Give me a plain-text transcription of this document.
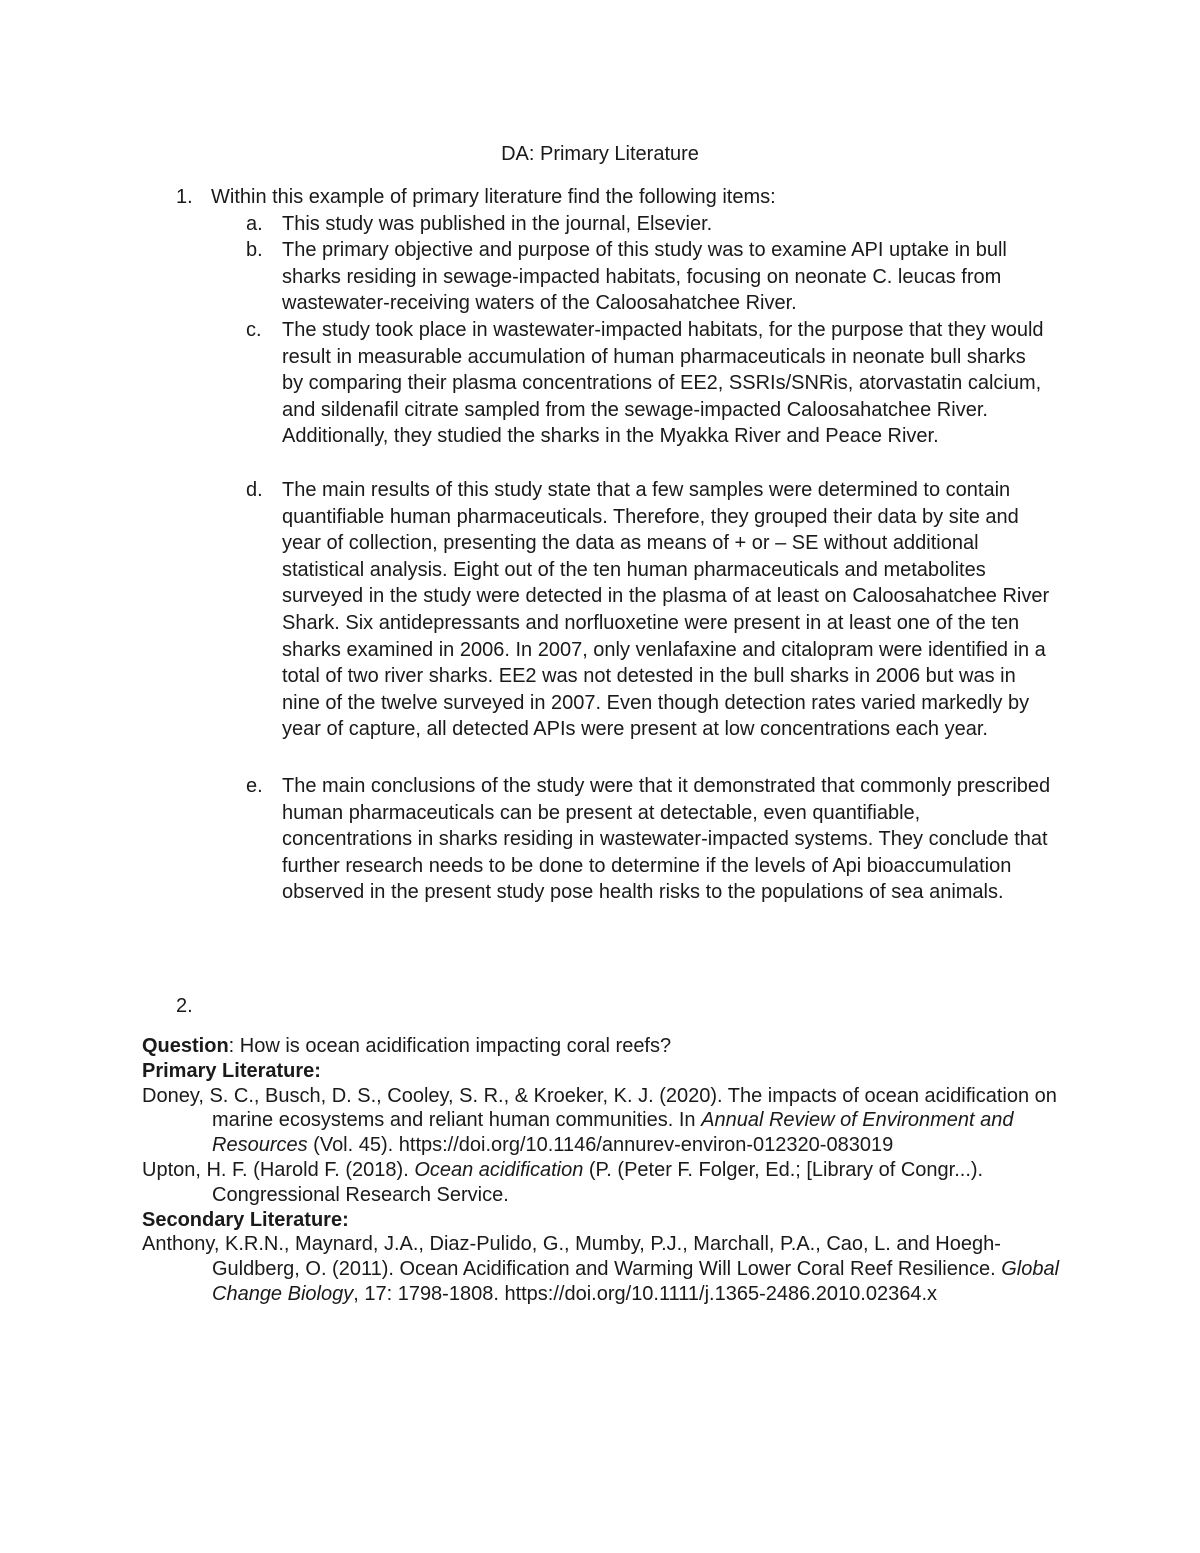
DA: Primary Literature
1. Within this example of primary literature find the following items:
a. This study was published in the journal, Elsevier.
b. The primary objective and purpose of this study was to examine API uptake in bull sharks residing in sewage-impacted habitats, focusing on neonate C. leucas from wastewater-receiving waters of the Caloosahatchee River.
c.	The study took place in wastewater-impacted habitats, for the purpose that they would result in measurable accumulation of human pharmaceuticals in neonate bull sharks by comparing their plasma concentrations of EE2, SSRIs/SNRis, atorvastatin calcium, and sildenafil citrate sampled from the sewage-impacted Caloosahatchee River. Additionally, they studied the sharks in the Myakka River and Peace River.
d. The main results of this study state that a few samples were determined to contain quantifiable human pharmaceuticals. Therefore, they grouped their data by site and year of collection, presenting the data as means of + or – SE without additional statistical analysis. Eight out of the ten human pharmaceuticals and metabolites surveyed in the study were detected in the plasma of at least on Caloosahatchee River Shark. Six antidepressants and norfluoxetine were present in at least one of the ten sharks examined in 2006. In 2007, only venlafaxine and citalopram were identified in a total of two river sharks. EE2 was not detested in the bull sharks in 2006 but was in nine of the twelve surveyed in 2007. Even though detection rates varied markedly by year of capture, all detected APIs were present at low concentrations each year.
e. The main conclusions of the study were that it demonstrated that commonly prescribed human pharmaceuticals can be present at detectable, even quantifiable, concentrations in sharks residing in wastewater-impacted systems. They conclude that further research needs to be done to determine if the levels of Api bioaccumulation observed in the present study pose health risks to the populations of sea animals.
2.

Question: How is ocean acidification impacting coral reefs?

Primary Literature:

Doney, S. C., Busch, D. S., Cooley, S. R., & Kroeker, K. J. (2020). The impacts of ocean acidification on marine ecosystems and reliant human communities. In Annual Review of Environment and Resources (Vol. 45). https://doi.org/10.1146/annurev-environ-012320-083019

Upton, H. F. (Harold F. (2018). Ocean acidification (P. (Peter F. Folger, Ed.; [Library of Congr...). Congressional Research Service.

Secondary Literature:

Anthony, K.R.N., Maynard, J.A., Diaz-Pulido, G., Mumby, P.J., Marchall, P.A., Cao, L. and Hoegh-Guldberg, O. (2011). Ocean Acidification and Warming Will Lower Coral Reef Resilience. Global Change Biology, 17: 1798-1808. https://doi.org/10.1111/j.1365-2486.2010.02364.x
